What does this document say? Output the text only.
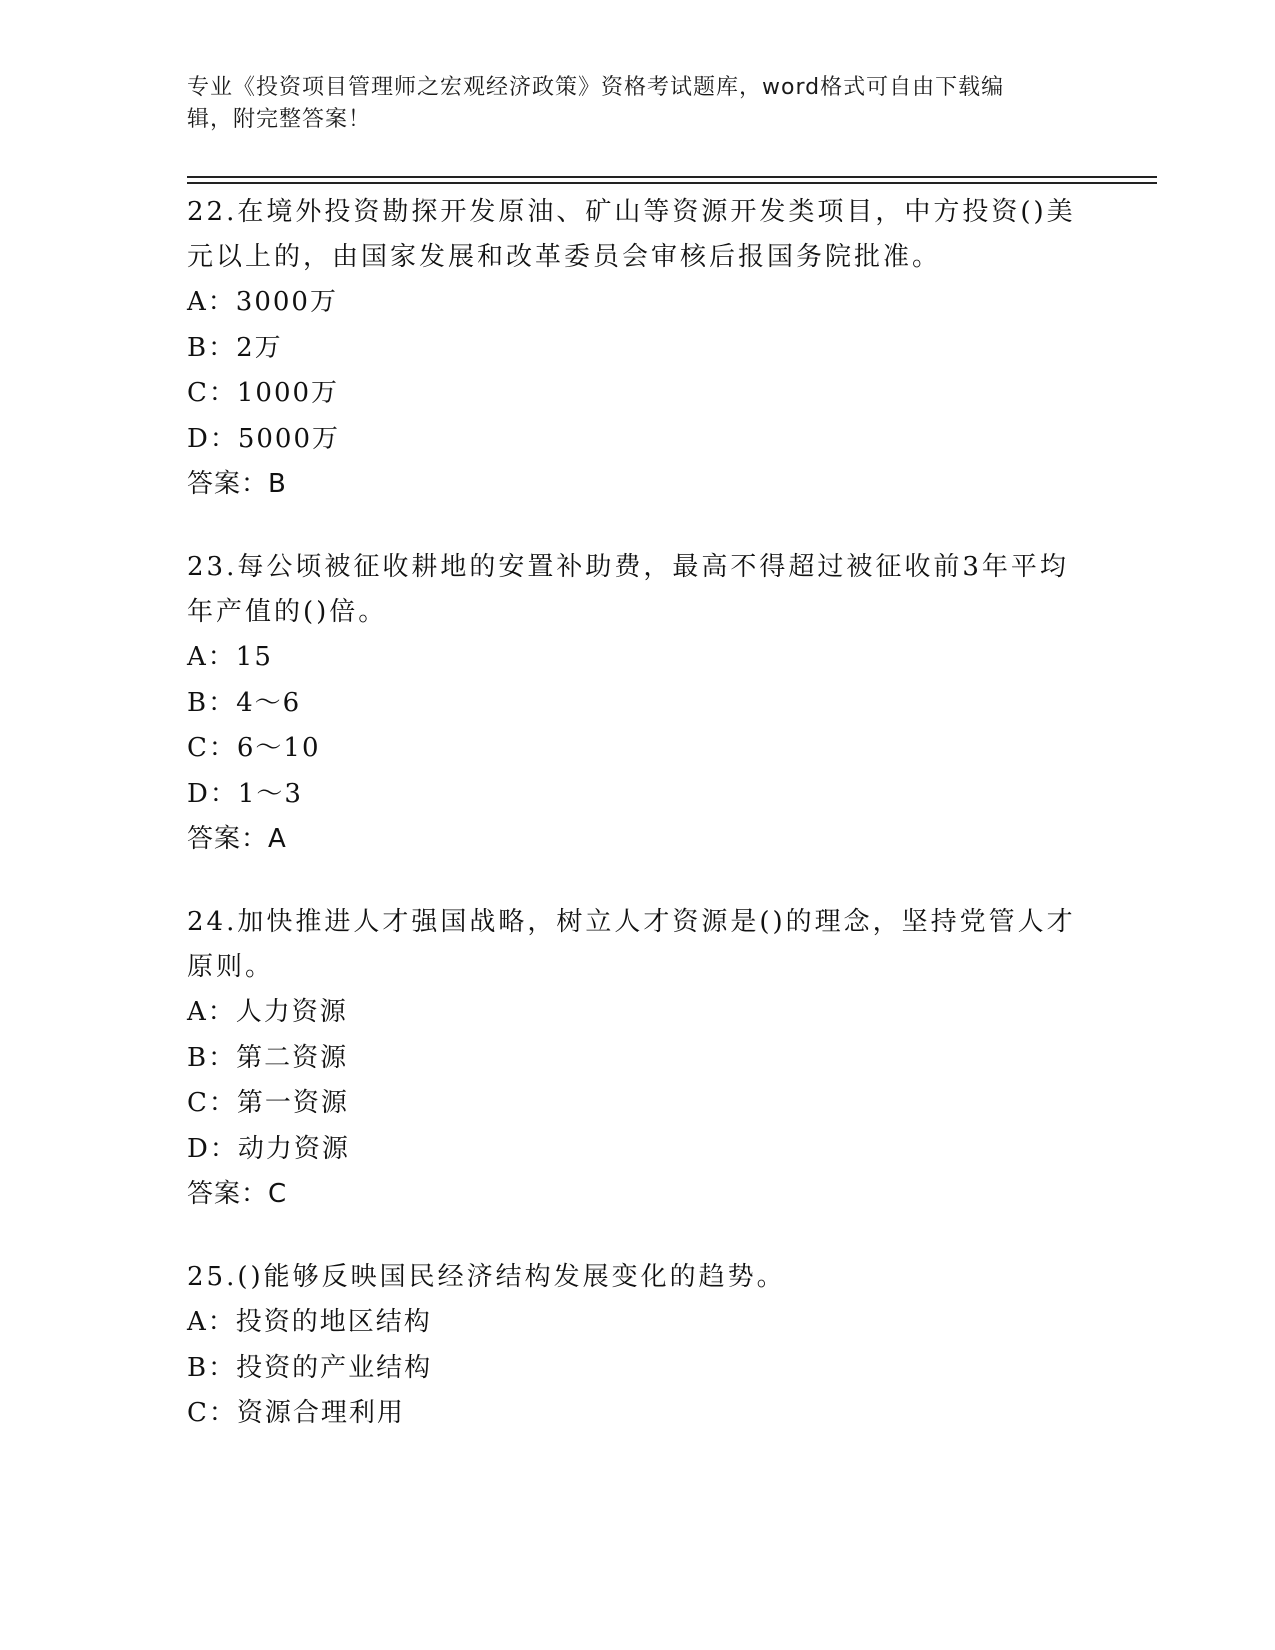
专业《投资项目管理师之宏观经济政策》资格考试题库，word格式可自由下载编
辑，附完整答案！

22.在境外投资勘探开发原油、矿山等资源开发类项目，中方投资()美

元以上的，由国家发展和改革委员会审核后报国务院批准。

A：3000万

B：2万

C：1000万

D：5000万

答案：B

23.每公顷被征收耕地的安置补助费，最高不得超过被征收前3年平均

年产值的()倍。

A：15

B：4～6

C：6～10

D：1～3

答案：A

24.加快推进人才强国战略，树立人才资源是()的理念，坚持党管人才

原则。

A：人力资源

B：第二资源

C：第一资源

D：动力资源

答案：C

25.()能够反映国民经济结构发展变化的趋势。

A：投资的地区结构

B：投资的产业结构

C：资源合理利用
